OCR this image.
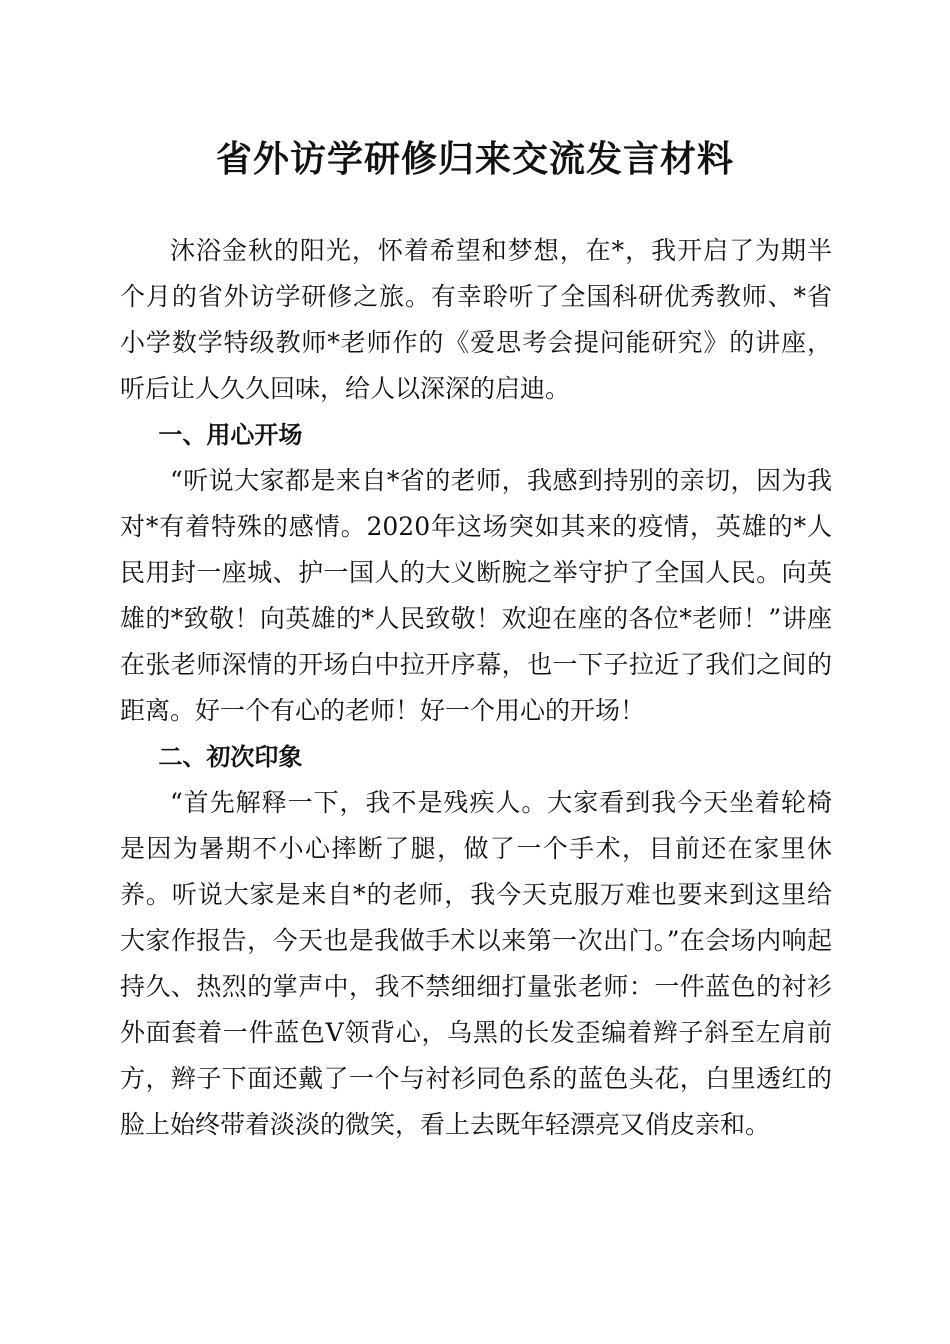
省外访学研修归来交流发言材料

沐浴金秋的阳光，怀着希望和梦想，在*，我开启了为期半个月的省外访学研修之旅。有幸聆听了全国科研优秀教师、*省小学数学特级教师*老师作的《爱思考会提问能研究》的讲座，听后让人久久回味，给人以深深的启迪。

一、用心开场

“听说大家都是来自*省的老师，我感到持别的亲切，因为我对*有着特殊的感情。2020年这场突如其来的疫情，英雄的*人民用封一座城、护一国人的大义断腕之举守护了全国人民。向英雄的*致敬！向英雄的*人民致敬！欢迎在座的各位*老师！”讲座在张老师深情的开场白中拉开序幕，也一下子拉近了我们之间的距离。好一个有心的老师！好一个用心的开场！

二、初次印象

“首先解释一下，我不是残疾人。大家看到我今天坐着轮椅是因为暑期不小心摔断了腿，做了一个手术，目前还在家里休养。听说大家是来自*的老师，我今天克服万难也要来到这里给大家作报告，今天也是我做手术以来第一次出门。”在会场内响起持久、热烈的掌声中，我不禁细细打量张老师：一件蓝色的衬衫外面套着一件蓝色V领背心，乌黑的长发歪编着辫子斜至左肩前方，辫子下面还戴了一个与衬衫同色系的蓝色头花，白里透红的脸上始终带着淡淡的微笑，看上去既年轻漂亮又俏皮亲和。
